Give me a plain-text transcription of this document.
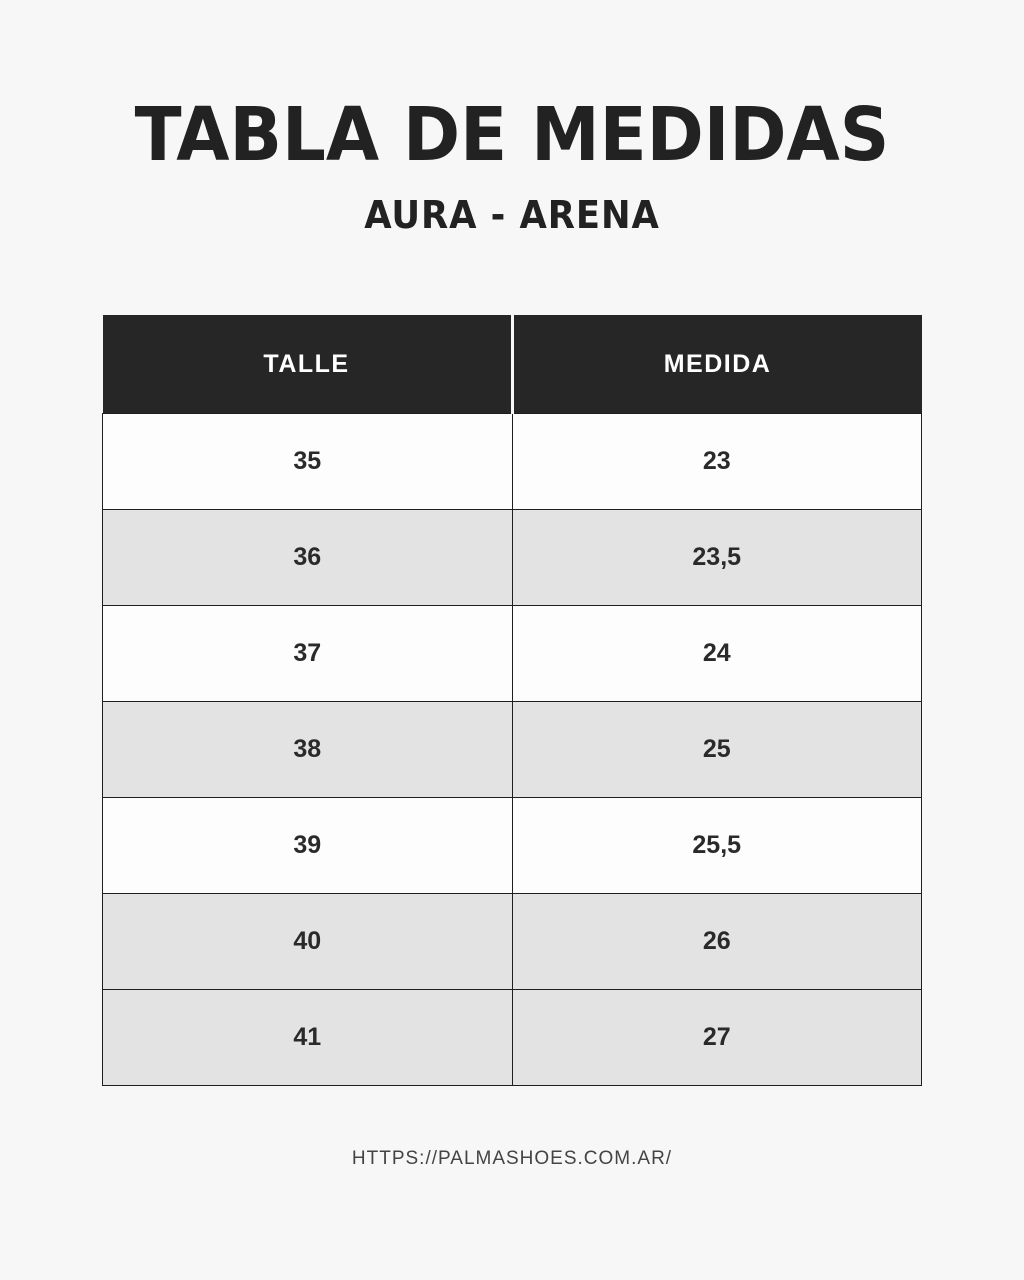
TABLA DE MEDIDAS
AURA - ARENA
TALLE	MEDIDA
35	23
36	23,5
37	24
38	25
39	25,5
40	26
41	27
HTTPS://PALMASHOES.COM.AR/
